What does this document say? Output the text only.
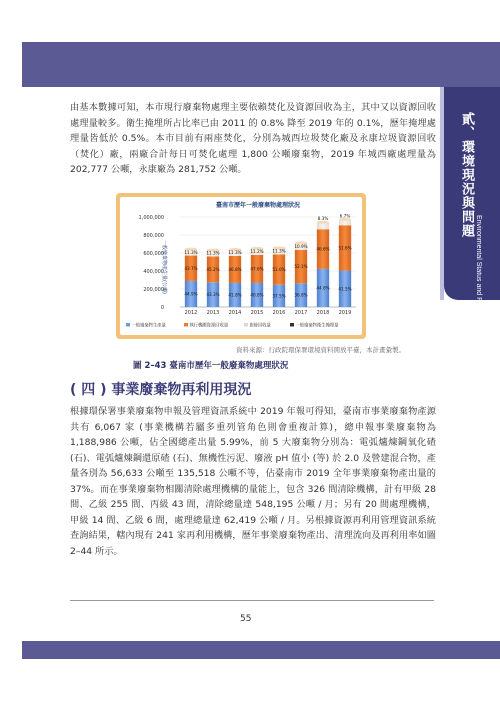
貳、環境現況與問題
Environmental Status and Problems

由基本數據可知，本市現行廢棄物處理主要依賴焚化及資源回收為主，其中又以資源回收處理量較多。衛生掩埋所占比率已由 2011 的 0.8% 降至 2019 年的 0.1%，歷年掩埋處理量皆低於 0.5%。本市目前有兩座焚化，分別為城西垃圾焚化廠及永康垃圾資源回收（焚化）廠，兩廠合計每日可焚化處理 1,800 公噸廢棄物，2019 年城西廠處理量為 202,777 公噸，永康廠為 281,752 公噸。

臺南市歷年一般廢棄物處理狀況
一般廢棄物產生量(公噸)
1,000,000
800,000
600,000
400,000
200,000
0
44.9%
43.7%
11.3%
43.3%
45.2%
11.3%
41.8%
46.8%
11.3%
40.8%
47.6%
11.2%
37.5%
51.0%
11.3%
36.8%
52.1%
10.9%
44.8%
46.6%
8.3%
41.5%
51.6%
6.7%
2012 2013 2014 2015 2016 2017 2018 2019
一般廢棄物生產量	執行機關資源回收量	廚餘回收量	一般廢棄物衛生掩埋量
資料來源：行政院環保署環境資料開放平臺，本計畫彙製。
圖 2–43 臺南市歷年一般廢棄物處理狀況
( 四 ) 事業廢棄物再利用現況

根據環保署事業廢棄物申報及管理資訊系統中 2019 年報可得知，臺南市事業廢棄物產源共有 6,067 家 (事業機構若屬多重列管角色則會重複計算)，總申報事業廢棄物為 1,188,986 公噸，佔全國總產出量 5.99%，前 5 大廢棄物分別為：電弧爐煉鋼氧化碴 (石)、電弧爐煉鋼還原碴 (石)、無機性污泥、廢液 pH 值小 (等) 於 2.0 及營建混合物，產量各別為 56,633 公噸至 135,518 公噸不等，佔臺南市 2019 全年事業廢棄物產出量的 37%。而在事業廢棄物相關清除處理機構的量能上，包含 326 間清除機構，計有甲級 28 間、乙級 255 間、丙級 43 間，清除總量達 548,195 公噸 / 月；另有 20 間處理機構，甲級 14 間、乙級 6 間，處理總量達 62,419 公噸 / 月。另根據資源再利用管理資訊系統查詢結果，轄內現有 241 家再利用機構，歷年事業廢棄物產出、清理流向及再利用率如圖 2–44 所示。

55
